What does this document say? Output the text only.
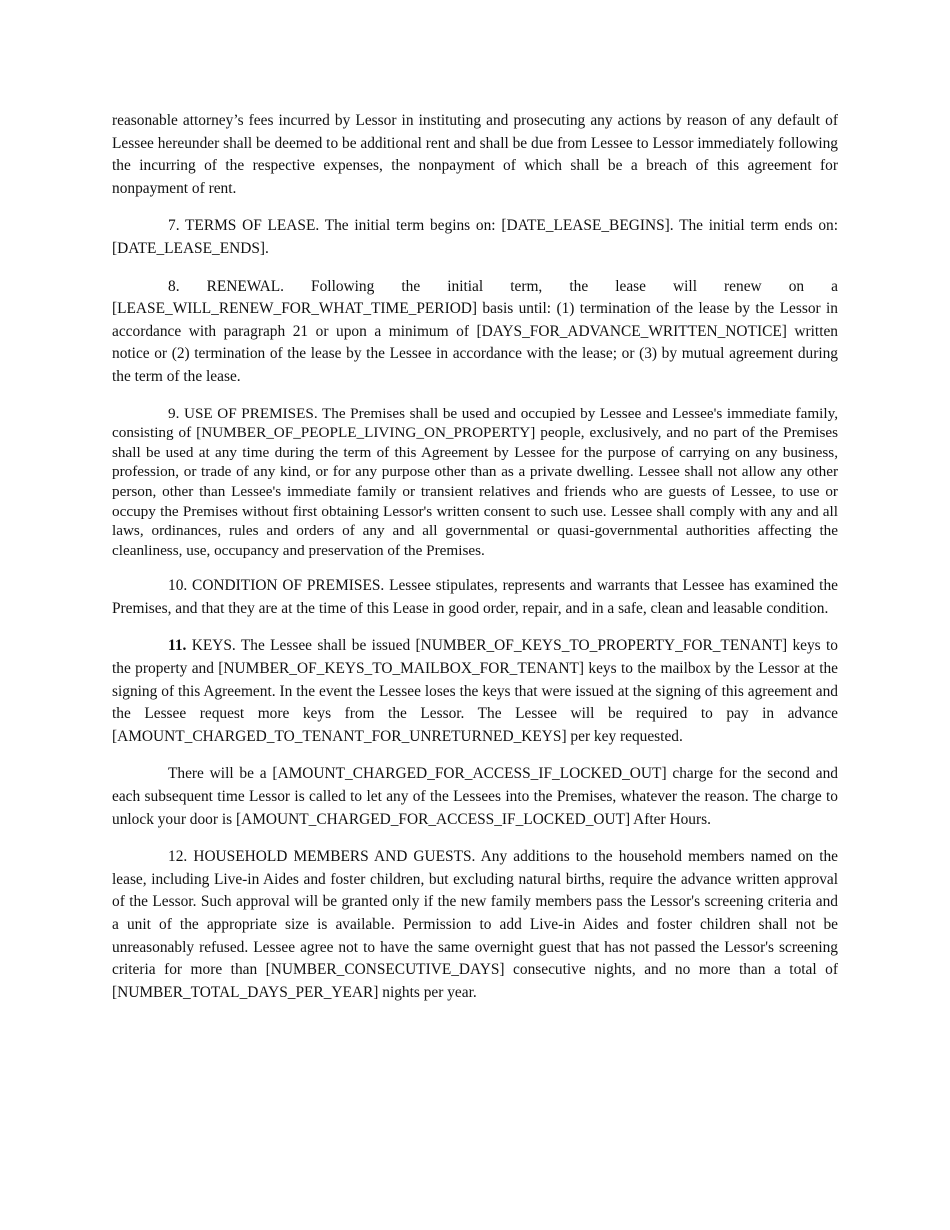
reasonable attorney’s fees incurred by Lessor in instituting and prosecuting any actions by reason of any default of Lessee hereunder shall be deemed to be additional rent and shall be due from Lessee to Lessor immediately following the incurring of the respective expenses, the nonpayment of which shall be a breach of this agreement for nonpayment of rent.

7. TERMS OF LEASE. The initial term begins on: [DATE_LEASE_BEGINS]. The initial term ends on: [DATE_LEASE_ENDS].

8. RENEWAL. Following the initial term, the lease will renew on a [LEASE_WILL_RENEW_FOR_WHAT_TIME_PERIOD] basis until: (1) termination of the lease by the Lessor in accordance with paragraph 21 or upon a minimum of [DAYS_FOR_ADVANCE_WRITTEN_NOTICE] written notice or (2) termination of the lease by the Lessee in accordance with the lease; or (3) by mutual agreement during the term of the lease.

9. USE OF PREMISES. The Premises shall be used and occupied by Lessee and Lessee's immediate family, consisting of [NUMBER_OF_PEOPLE_LIVING_ON_PROPERTY] people, exclusively, and no part of the Premises shall be used at any time during the term of this Agreement by Lessee for the purpose of carrying on any business, profession, or trade of any kind, or for any purpose other than as a private dwelling. Lessee shall not allow any other person, other than Lessee's immediate family or transient relatives and friends who are guests of Lessee, to use or occupy the Premises without first obtaining Lessor's written consent to such use. Lessee shall comply with any and all laws, ordinances, rules and orders of any and all governmental or quasi-governmental authorities affecting the cleanliness, use, occupancy and preservation of the Premises.

10. CONDITION OF PREMISES. Lessee stipulates, represents and warrants that Lessee has examined the Premises, and that they are at the time of this Lease in good order, repair, and in a safe, clean and leasable condition.

11. KEYS. The Lessee shall be issued [NUMBER_OF_KEYS_TO_PROPERTY_FOR_TENANT] keys to the property and [NUMBER_OF_KEYS_TO_MAILBOX_FOR_TENANT] keys to the mailbox by the Lessor at the signing of this Agreement. In the event the Lessee loses the keys that were issued at the signing of this agreement and the Lessee request more keys from the Lessor. The Lessee will be required to pay in advance [AMOUNT_CHARGED_TO_TENANT_FOR_UNRETURNED_KEYS] per key requested.

There will be a [AMOUNT_CHARGED_FOR_ACCESS_IF_LOCKED_OUT] charge for the second and each subsequent time Lessor is called to let any of the Lessees into the Premises, whatever the reason. The charge to unlock your door is [AMOUNT_CHARGED_FOR_ACCESS_IF_LOCKED_OUT] After Hours.

12. HOUSEHOLD MEMBERS AND GUESTS. Any additions to the household members named on the lease, including Live-in Aides and foster children, but excluding natural births, require the advance written approval of the Lessor. Such approval will be granted only if the new family members pass the Lessor's screening criteria and a unit of the appropriate size is available. Permission to add Live-in Aides and foster children shall not be unreasonably refused. Lessee agree not to have the same overnight guest that has not passed the Lessor's screening criteria for more than [NUMBER_CONSECUTIVE_DAYS] consecutive nights, and no more than a total of [NUMBER_TOTAL_DAYS_PER_YEAR] nights per year.
